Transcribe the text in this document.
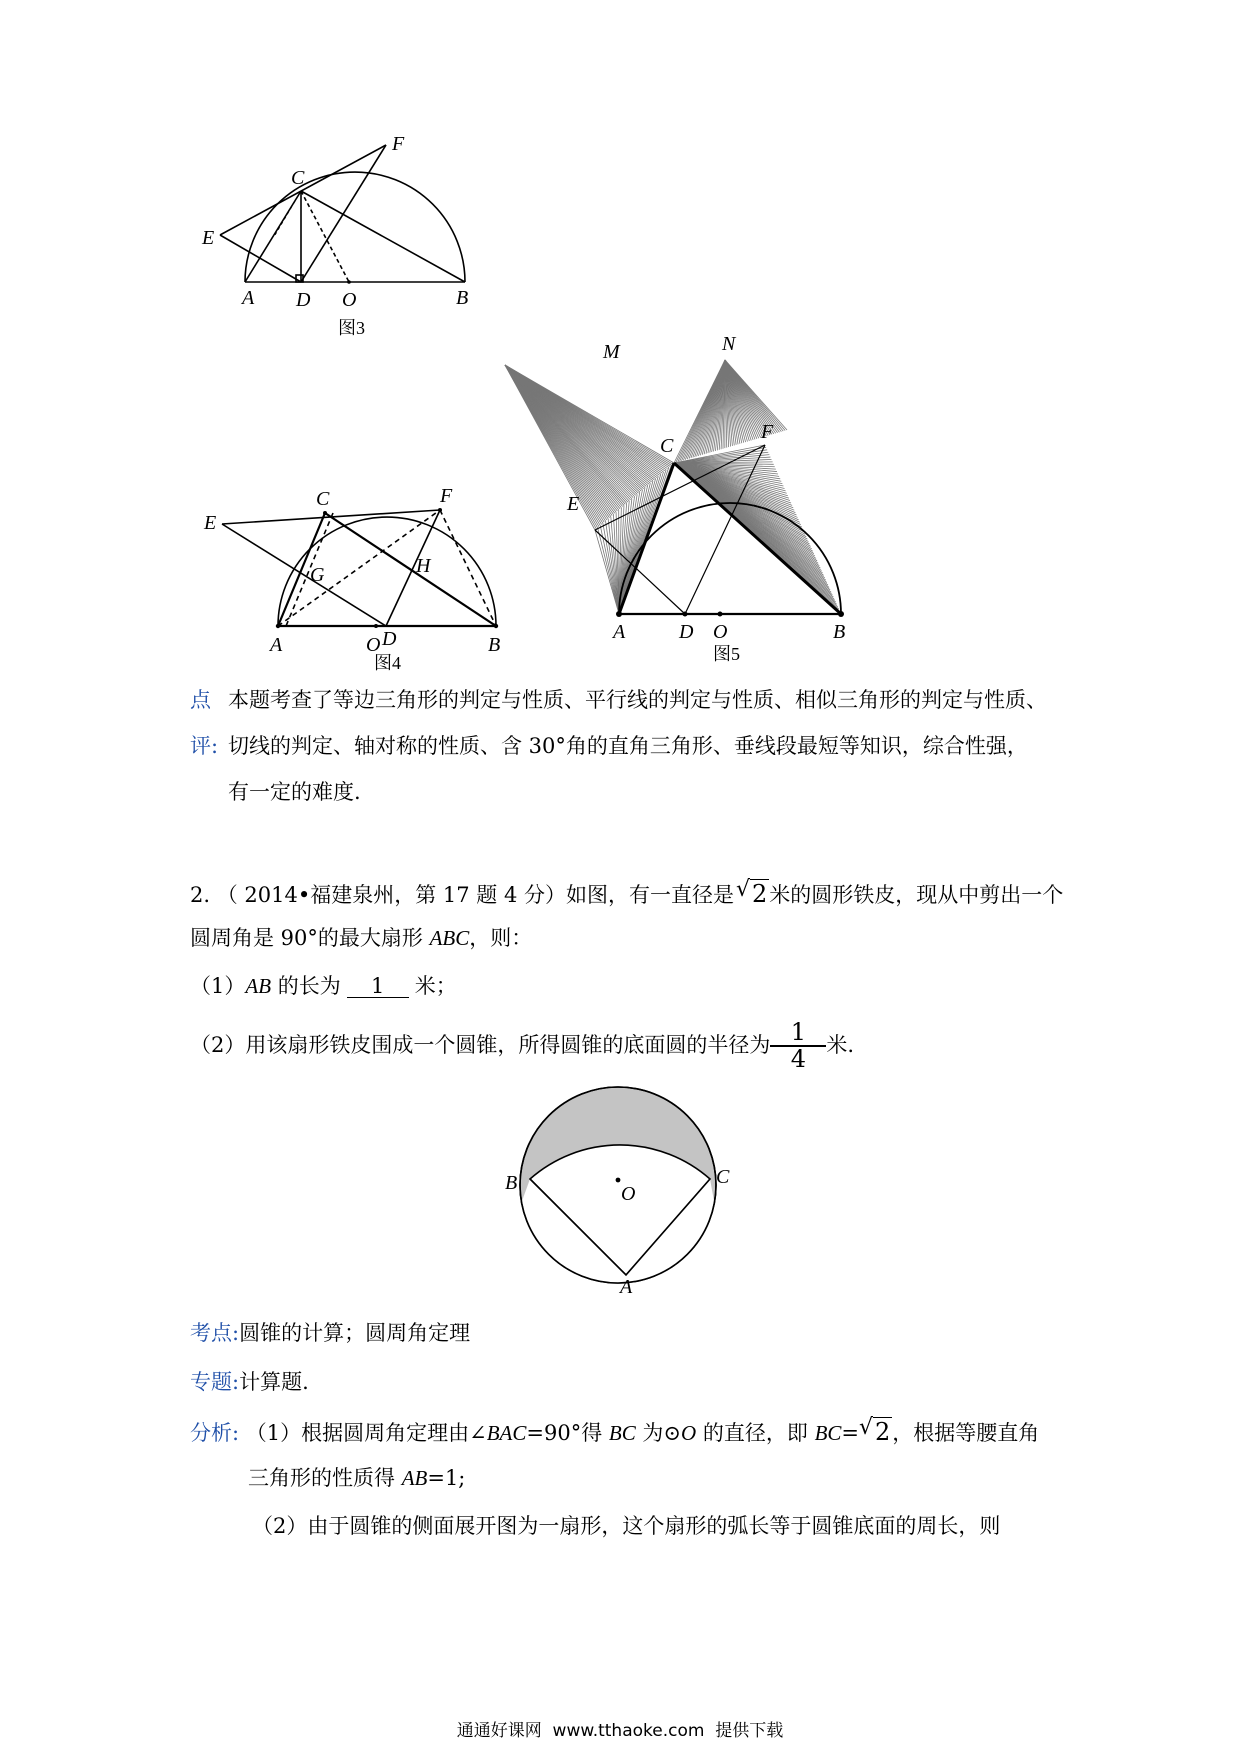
F
C
E
A D O	B
图3
E
C	F
G	H
A	O D	B
图4
M	N
F
C
E
A	D O	B
图5
点 本题考查了等边三角形的判定与性质、平行线的判定与性质、相似三角形的判定与性质、
评: 切线的判定、轴对称的性质、含 30°角的直角三角形、垂线段最短等知识，综合性强，
有一定的难度.
2. （ 2014•福建泉州，第 17 题 4 分）如图，有一直径是 √ 2米的圆形铁皮，现从中剪出一个
圆周角是 90°的最大扇形 ABC，则：
（1）AB 的长为 1 米；
（2）用该扇形铁皮围成一个圆锥，所得圆锥的底面圆的半径为 1
4
米.
B	C
O
A
考点:圆锥的计算；圆周角定理
专题:计算题.
分析: （1）根据圆周角定理由∠BAC=90°得 BC 为⊙O 的直径，即 BC= √ 2，根据等腰直角
三角形的性质得 AB=1;
（2）由于圆锥的侧面展开图为一扇形，这个扇形的弧长等于圆锥底面的周长，则
通通好课网  www.tthaoke.com  提供下载
